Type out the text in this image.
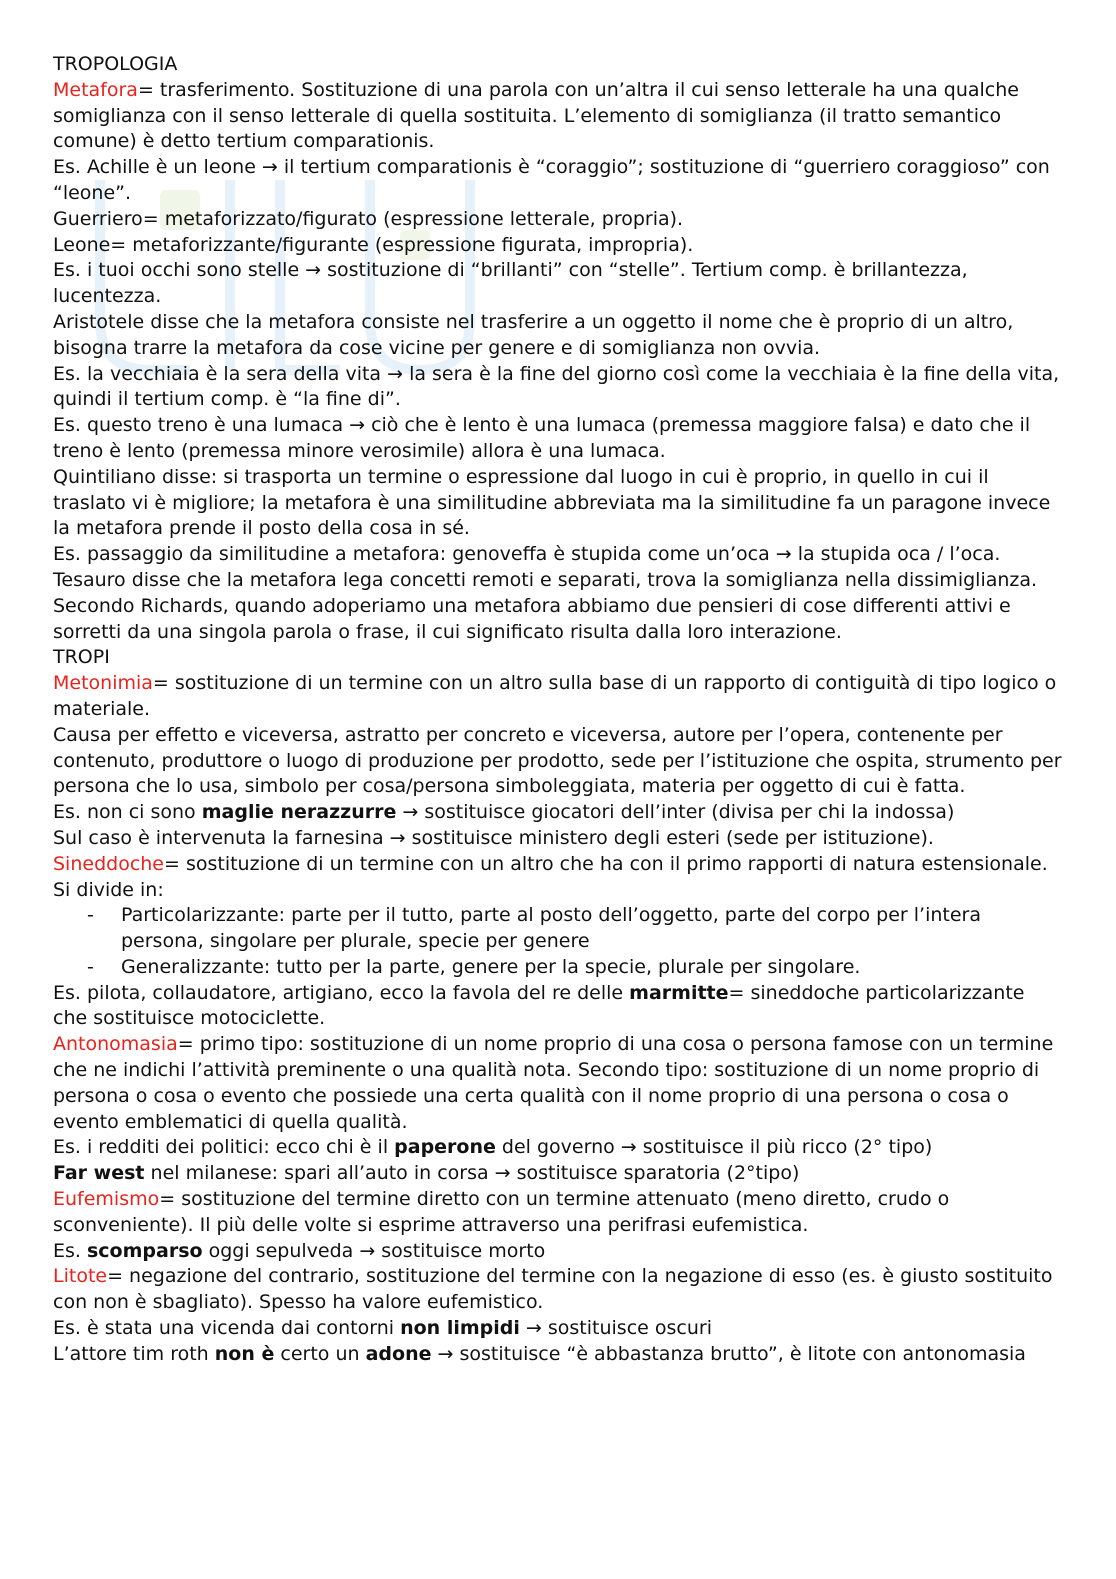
TROPOLOGIA

Metafora= trasferimento. Sostituzione di una parola con un’altra il cui senso letterale ha una qualche somiglianza con il senso letterale di quella sostituita. L’elemento di somiglianza (il tratto semantico comune) è detto tertium comparationis.

Es. Achille è un leone → il tertium comparationis è “coraggio”; sostituzione di “guerriero coraggioso” con “leone”.

Guerriero= metaforizzato/figurato (espressione letterale, propria).

Leone= metaforizzante/figurante (espressione figurata, impropria).

Es. i tuoi occhi sono stelle → sostituzione di “brillanti” con “stelle”. Tertium comp. è brillantezza, lucentezza.

Aristotele disse che la metafora consiste nel trasferire a un oggetto il nome che è proprio di un altro, bisogna trarre la metafora da cose vicine per genere e di somiglianza non ovvia.

Es. la vecchiaia è la sera della vita → la sera è la fine del giorno così come la vecchiaia è la fine della vita, quindi il tertium comp. è “la fine di”.

Es. questo treno è una lumaca → ciò che è lento è una lumaca (premessa maggiore falsa) e dato che il treno è lento (premessa minore verosimile) allora è una lumaca.

Quintiliano disse: si trasporta un termine o espressione dal luogo in cui è proprio, in quello in cui il traslato vi è migliore; la metafora è una similitudine abbreviata ma la similitudine fa un paragone invece la metafora prende il posto della cosa in sé.

Es. passaggio da similitudine a metafora: genoveffa è stupida come un’oca → la stupida oca / l’oca.

Tesauro disse che la metafora lega concetti remoti e separati, trova la somiglianza nella dissimiglianza.

Secondo Richards, quando adoperiamo una metafora abbiamo due pensieri di cose differenti attivi e sorretti da una singola parola o frase, il cui significato risulta dalla loro interazione.

TROPI

Metonimia= sostituzione di un termine con un altro sulla base di un rapporto di contiguità di tipo logico o materiale.

Causa per effetto e viceversa, astratto per concreto e viceversa, autore per l’opera, contenente per contenuto, produttore o luogo di produzione per prodotto, sede per l’istituzione che ospita, strumento per persona che lo usa, simbolo per cosa/persona simboleggiata, materia per oggetto di cui è fatta.

Es. non ci sono maglie nerazzurre → sostituisce giocatori dell’inter (divisa per chi la indossa)

Sul caso è intervenuta la farnesina → sostituisce ministero degli esteri (sede per istituzione).

Sineddoche= sostituzione di un termine con un altro che ha con il primo rapporti di natura estensionale. Si divide in:

- Particolarizzante: parte per il tutto, parte al posto dell’oggetto, parte del corpo per l’intera persona, singolare per plurale, specie per genere
- Generalizzante: tutto per la parte, genere per la specie, plurale per singolare.

Es. pilota, collaudatore, artigiano, ecco la favola del re delle marmitte= sineddoche particolarizzante che sostituisce motociclette.

Antonomasia= primo tipo: sostituzione di un nome proprio di una cosa o persona famose con un termine che ne indichi l’attività preminente o una qualità nota. Secondo tipo: sostituzione di un nome proprio di persona o cosa o evento che possiede una certa qualità con il nome proprio di una persona o cosa o evento emblematici di quella qualità.

Es. i redditi dei politici: ecco chi è il paperone del governo → sostituisce il più ricco (2° tipo)

Far west nel milanese: spari all’auto in corsa → sostituisce sparatoria (2°tipo)

Eufemismo= sostituzione del termine diretto con un termine attenuato (meno diretto, crudo o sconveniente). Il più delle volte si esprime attraverso una perifrasi eufemistica.

Es. scomparso oggi sepulveda → sostituisce morto

Litote= negazione del contrario, sostituzione del termine con la negazione di esso (es. è giusto sostituito con non è sbagliato). Spesso ha valore eufemistico.

Es. è stata una vicenda dai contorni non limpidi → sostituisce oscuri

L’attore tim roth non è certo un adone → sostituisce “è abbastanza brutto”, è litote con antonomasia
